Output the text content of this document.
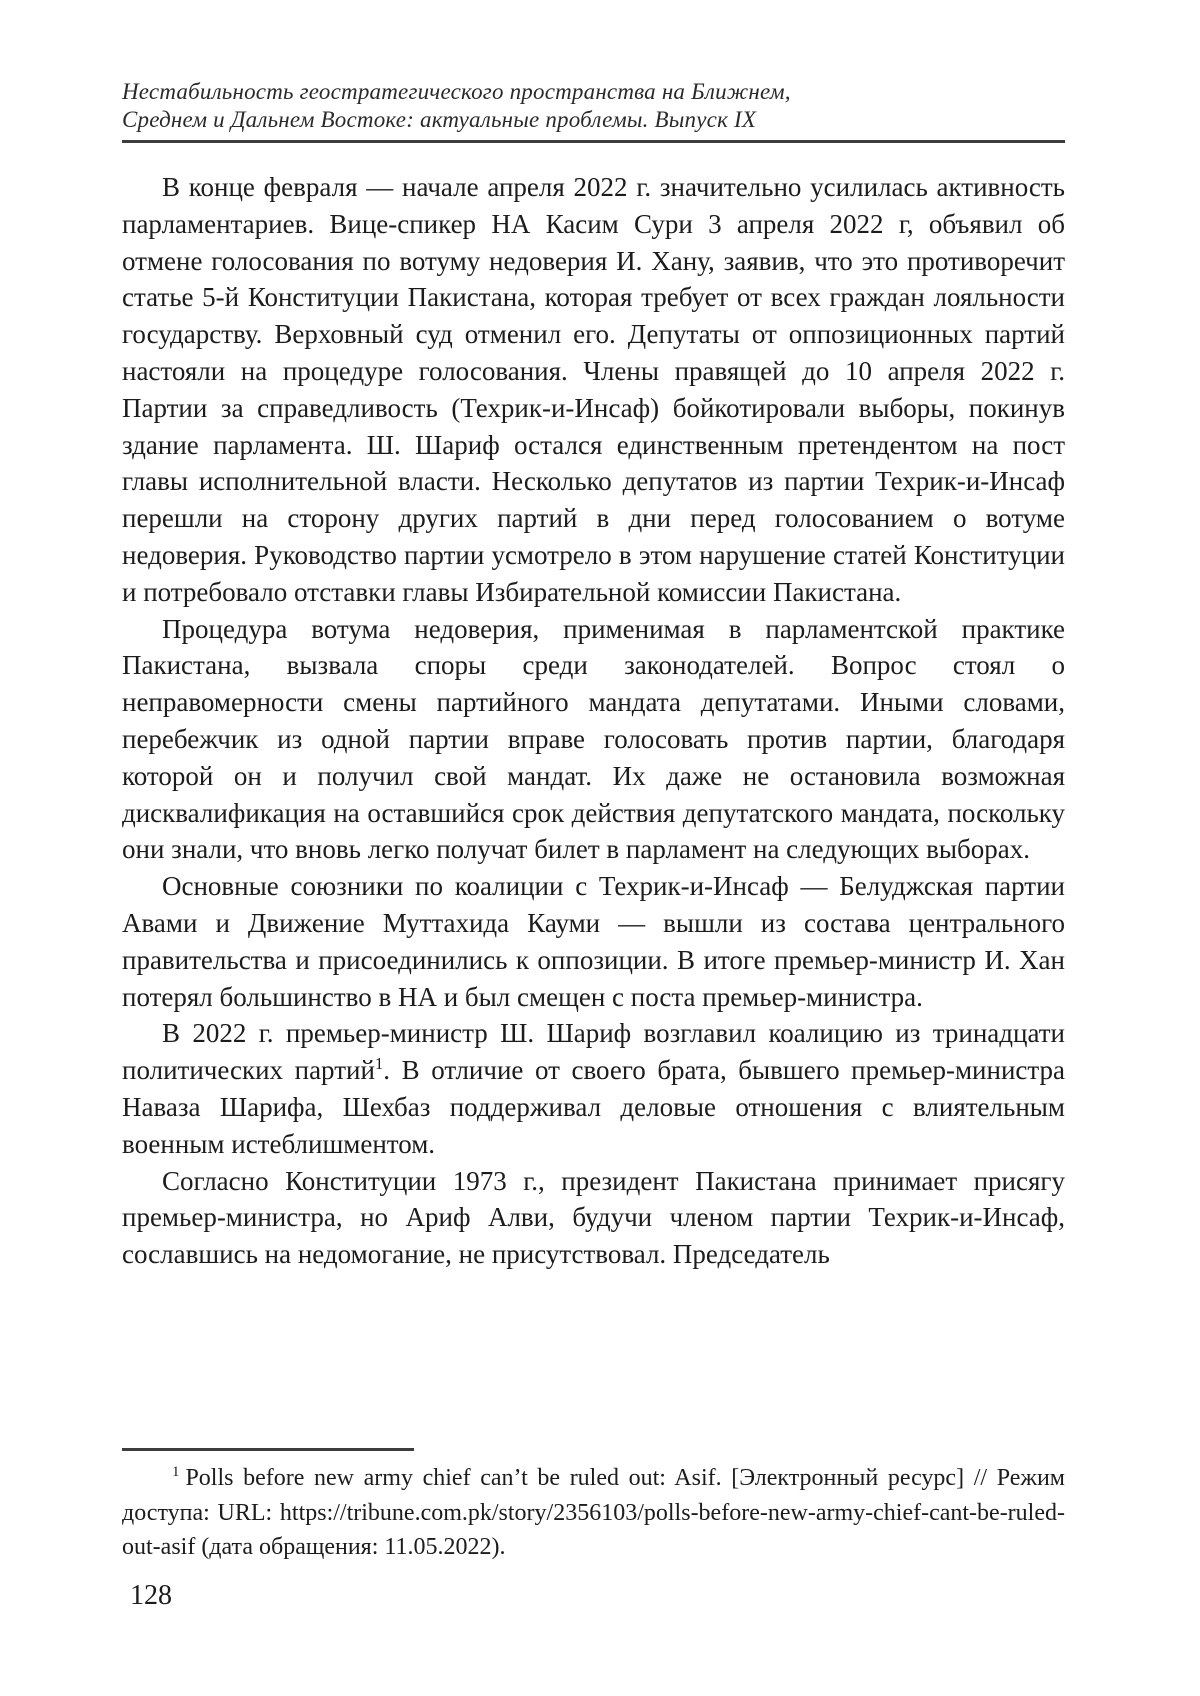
Нестабильность геостратегического пространства на Ближнем,
Среднем и Дальнем Востоке: актуальные проблемы. Выпуск IX

В конце февраля — начале апреля 2022 г. значительно усилилась активность парламентариев. Вице-спикер НА Касим Сури 3 апреля 2022 г, объявил об отмене голосования по вотуму недоверия И. Хану, заявив, что это противоречит статье 5-й Конституции Пакистана, которая требует от всех граждан лояльности государству. Верховный суд отменил его. Депутаты от оппозиционных партий настояли на процедуре голосования. Члены правящей до 10 апреля 2022 г. Партии за справедливость (Техрик-и-Инсаф) бойкотировали выборы, покинув здание парламента. Ш. Шариф остался единственным претендентом на пост главы исполнительной власти. Несколько депутатов из партии Техрик-и-Инсаф перешли на сторону других партий в дни перед голосованием о вотуме недоверия. Руководство партии усмотрело в этом нарушение статей Конституции и потребовало отставки главы Избирательной комиссии Пакистана.

Процедура вотума недоверия, применимая в парламентской практике Пакистана, вызвала споры среди законодателей. Вопрос стоял о неправомерности смены партийного мандата депутатами. Иными словами, перебежчик из одной партии вправе голосовать против партии, благодаря которой он и получил свой мандат. Их даже не остановила возможная дисквалификация на оставшийся срок действия депутатского мандата, поскольку они знали, что вновь легко получат билет в парламент на следующих выборах.

Основные союзники по коалиции с Техрик-и-Инсаф — Белуджская партии Авами и Движение Муттахида Кауми — вышли из состава центрального правительства и присоединились к оппозиции. В итоге премьер-министр И. Хан потерял большинство в НА и был смещен с поста премьер-министра.

В 2022 г. премьер-министр Ш. Шариф возглавил коалицию из тринадцати политических партий$^1$. В отличие от своего брата, бывшего премьер-министра Наваза Шарифа, Шехбаз поддерживал деловые отношения с влиятельным военным истеблишментом.

Согласно Конституции 1973 г., президент Пакистана принимает присягу премьер-министра, но Ариф Алви, будучи членом партии Техрик-и-Инсаф, сославшись на недомогание, не присутствовал. Председатель

$^1$ Polls before new army chief can’t be ruled out: Asif. [Электронный ресурс] // Режим доступа: URL: https://tribune.com.pk/story/2356103/polls-before-new-army-chief-cant-be-ruled-out-asif (дата обращения: 11.05.2022).

128
